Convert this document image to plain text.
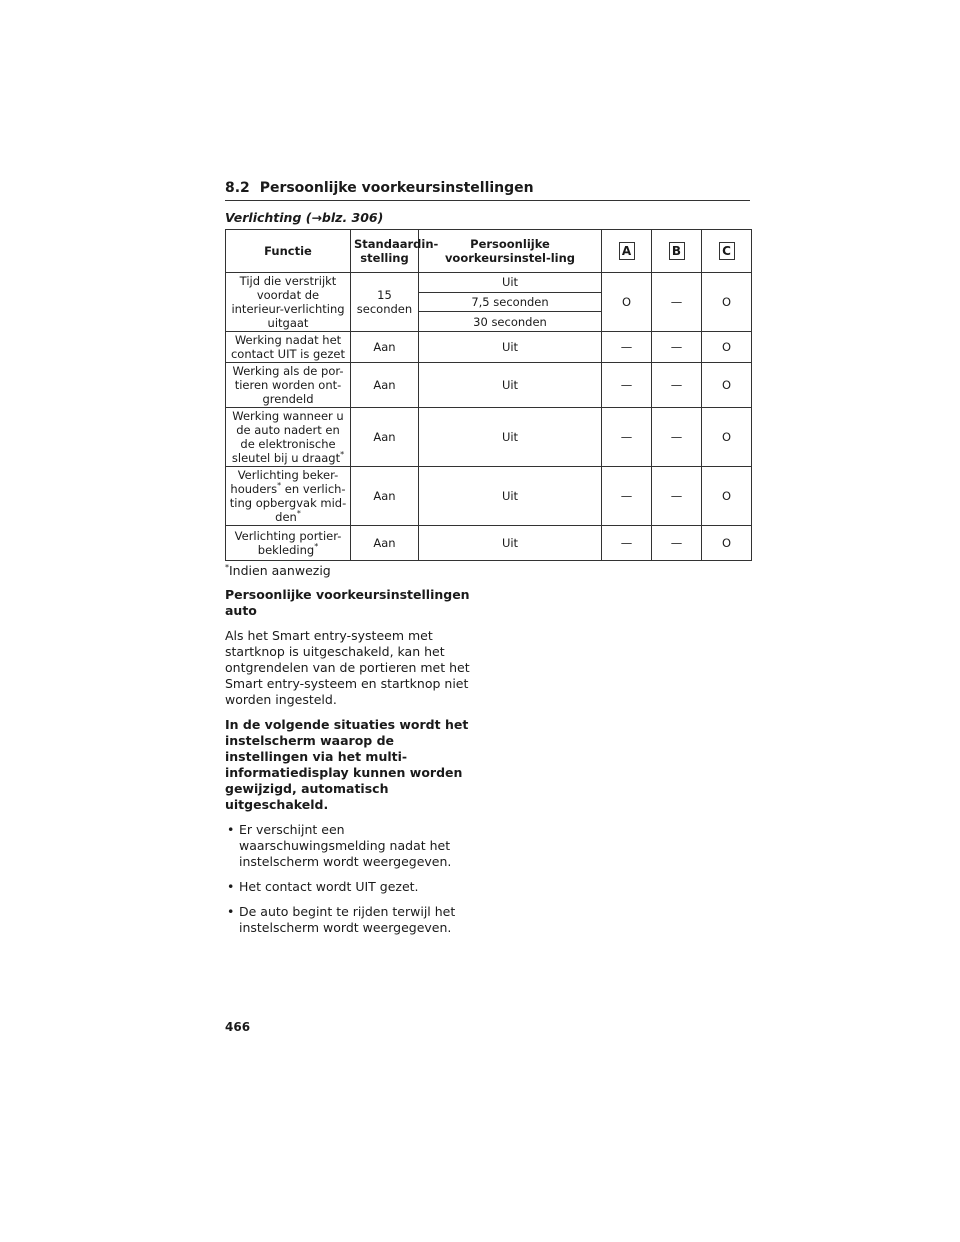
8.2 Persoonlijke voorkeursinstellingen
Verlichting (→blz. 306)
Functie	Standaardin-stelling	Persoonlijke voorkeursinstel-ling	A	B	C
Tijd die verstrijkt voordat de interieur-verlichting uitgaat	15 seconden	Uit	O	—	O
		7,5 seconden			
		30 seconden			
Werking nadat het contact UIT is gezet	Aan	Uit	—	—	O
Werking als de por-tieren worden ont-grendeld	Aan	Uit	—	—	O
Werking wanneer u de auto nadert en de elektronische sleutel bij u draagt*	Aan	Uit	—	—	O
Verlichting beker-houders* en verlich-ting opbergvak mid-den*	Aan	Uit	—	—	O
Verlichting portier-bekleding*	Aan	Uit	—	—	O
*Indien aanwezig

Persoonlijke voorkeursinstellingen auto

Als het Smart entry-systeem met startknop is uitgeschakeld, kan het ontgrendelen van de portieren met het Smart entry-systeem en startknop niet worden ingesteld.

In de volgende situaties wordt het instelscherm waarop de instellingen via het multi-informatiedisplay kunnen worden gewijzigd, automatisch uitgeschakeld.

• Er verschijnt een waarschuwingsmelding nadat het instelscherm wordt weergegeven.
• Het contact wordt UIT gezet.
• De auto begint te rijden terwijl het instelscherm wordt weergegeven.
466
